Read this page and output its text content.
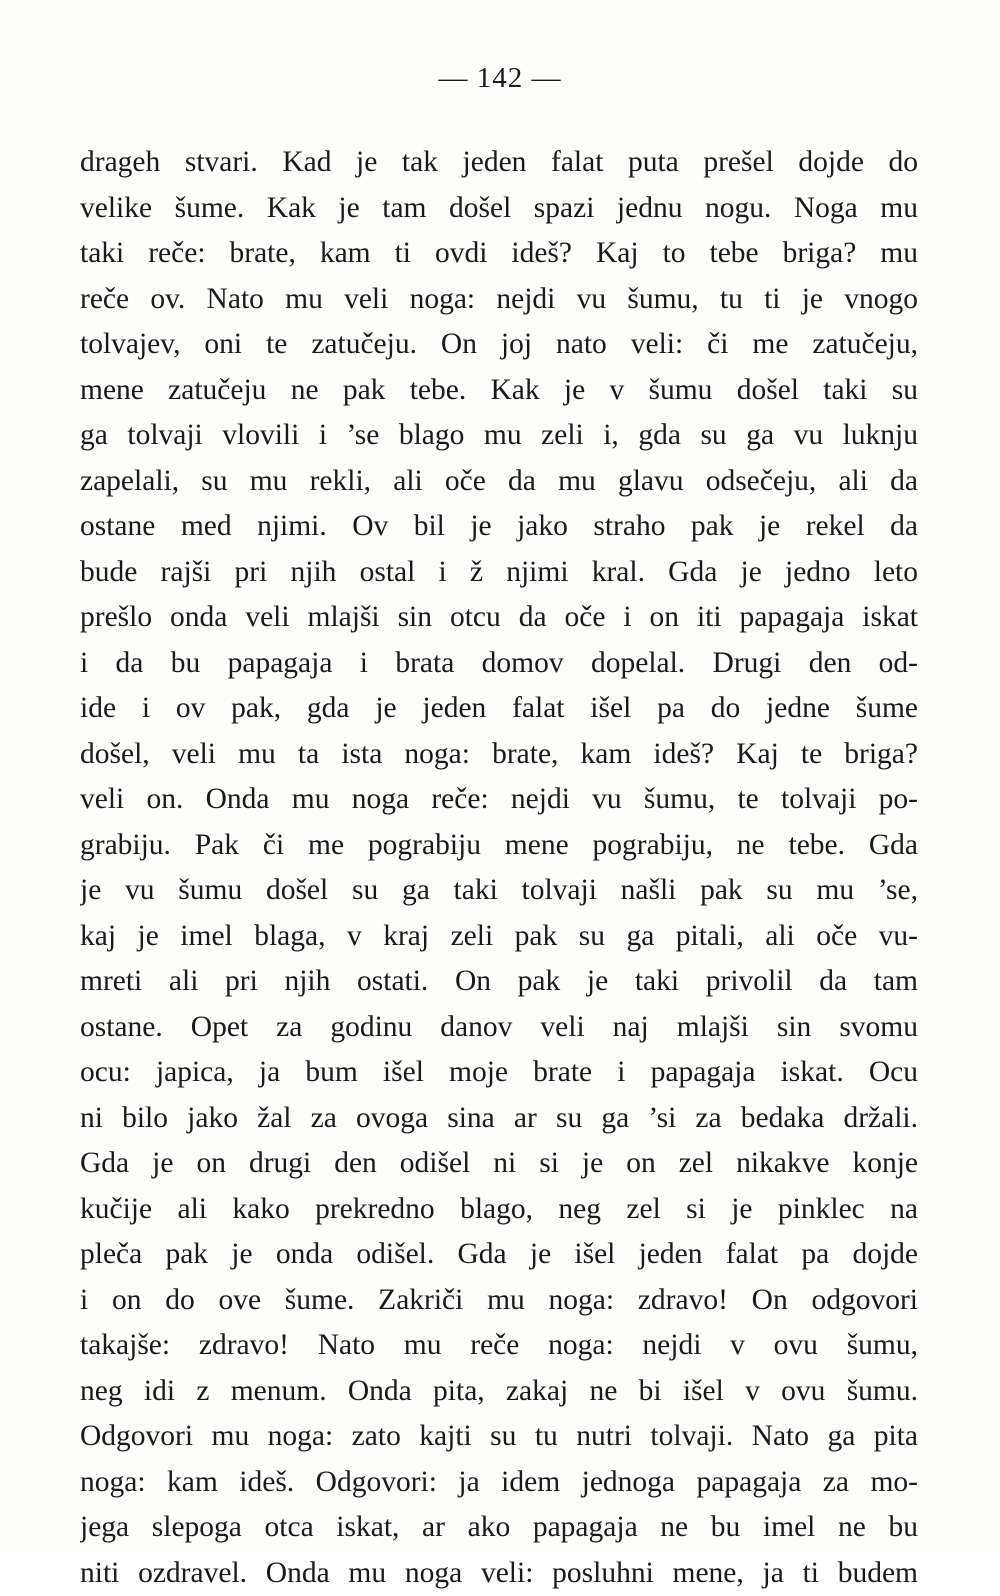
— 142 —
drageh stvari. Kad je tak jeden falat puta prešel dojde do
velike šume. Kak je tam došel spazi jednu nogu. Noga mu
taki reče: brate, kam ti ovdi ideš? Kaj to tebe briga? mu
reče ov. Nato mu veli noga: nejdi vu šumu, tu ti je vnogo
tolvajev, oni te zatučeju. On joj nato veli: či me zatučeju,
mene zatučeju ne pak tebe. Kak je v šumu došel taki su
ga tolvaji vlovili i ’se blago mu zeli i, gda su ga vu luknju
zapelali, su mu rekli, ali oče da mu glavu odsečeju, ali da
ostane med njimi. Ov bil je jako straho pak je rekel da
bude rajši pri njih ostal i ž njimi kral. Gda je jedno leto
prešlo onda veli mlajši sin otcu da oče i on iti papagaja iskat
i da bu papagaja i brata domov dopelal. Drugi den od-
ide i ov pak, gda je jeden falat išel pa do jedne šume
došel, veli mu ta ista noga: brate, kam ideš? Kaj te briga?
veli on. Onda mu noga reče: nejdi vu šumu, te tolvaji po-
grabiju. Pak či me pograbiju mene pograbiju, ne tebe. Gda
je vu šumu došel su ga taki tolvaji našli pak su mu ’se,
kaj je imel blaga, v kraj zeli pak su ga pitali, ali oče vu-
mreti ali pri njih ostati. On pak je taki privolil da tam
ostane. Opet za godinu danov veli naj mlajši sin svomu
ocu: japica, ja bum išel moje brate i papagaja iskat. Ocu
ni bilo jako žal za ovoga sina ar su ga ’si za bedaka držali.
Gda je on drugi den odišel ni si je on zel nikakve konje
kučije ali kako prekredno blago, neg zel si je pinklec na
pleča pak je onda odišel. Gda je išel jeden falat pa dojde
i on do ove šume. Zakriči mu noga: zdravo! On odgovori
takajše: zdravo! Nato mu reče noga: nejdi v ovu šumu,
neg idi z menum. Onda pita, zakaj ne bi išel v ovu šumu.
Odgovori mu noga: zato kajti su tu nutri tolvaji. Nato ga pita
noga: kam ideš. Odgovori: ja idem jednoga papagaja za mo-
jega slepoga otca iskat, ar ako papagaja ne bu imel ne bu
niti ozdravel. Onda mu noga veli: posluhni mene, ja ti budem
